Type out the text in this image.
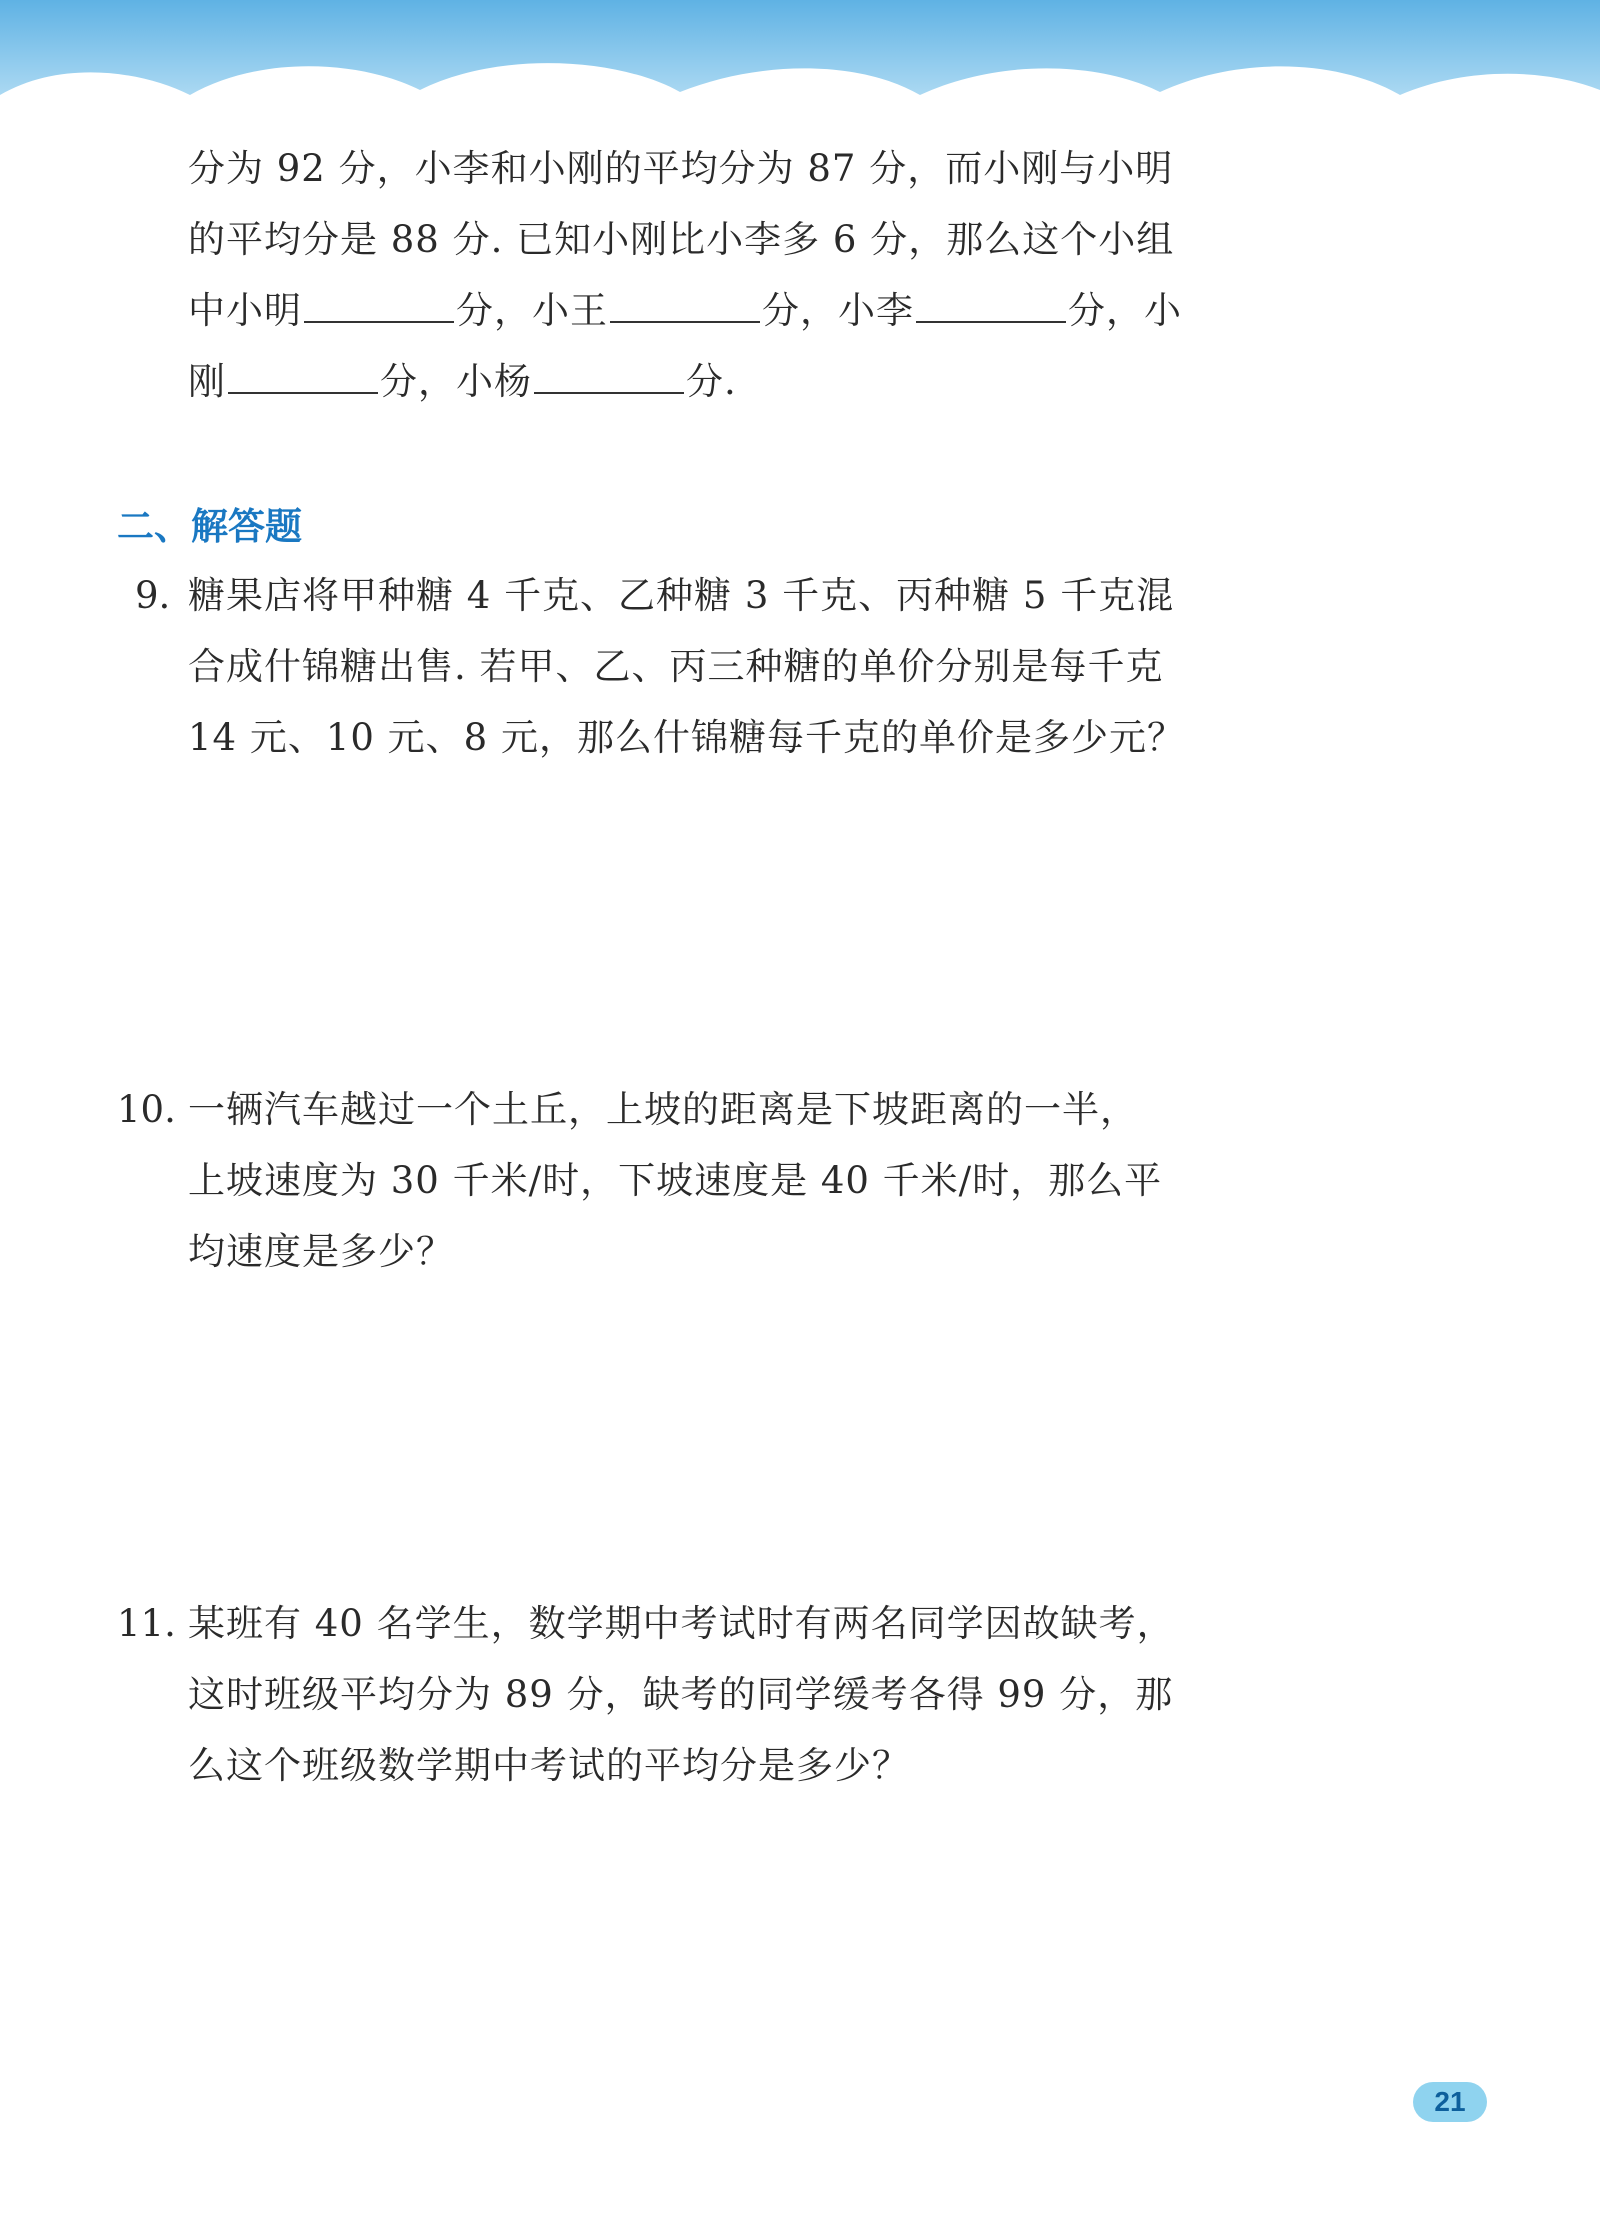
分为 92 分，小李和小刚的平均分为 87 分，而小刚与小明
的平均分是 88 分. 已知小刚比小李多 6 分，那么这个小组
中小明	分，小王	分，小李	分，小
刚	分，小杨	分.
二、解答题
9. 糖果店将甲种糖 4 千克、乙种糖 3 千克、丙种糖 5 千克混
合成什锦糖出售. 若甲、乙、丙三种糖的单价分别是每千克
14 元、10 元、8 元，那么什锦糖每千克的单价是多少元？
10. 一辆汽车越过一个土丘，上坡的距离是下坡距离的一半，
上坡速度为 30 千米/时，下坡速度是 40 千米/时，那么平
均速度是多少？
11. 某班有 40 名学生，数学期中考试时有两名同学因故缺考，
这时班级平均分为 89 分，缺考的同学缓考各得 99 分，那
么这个班级数学期中考试的平均分是多少？
21
